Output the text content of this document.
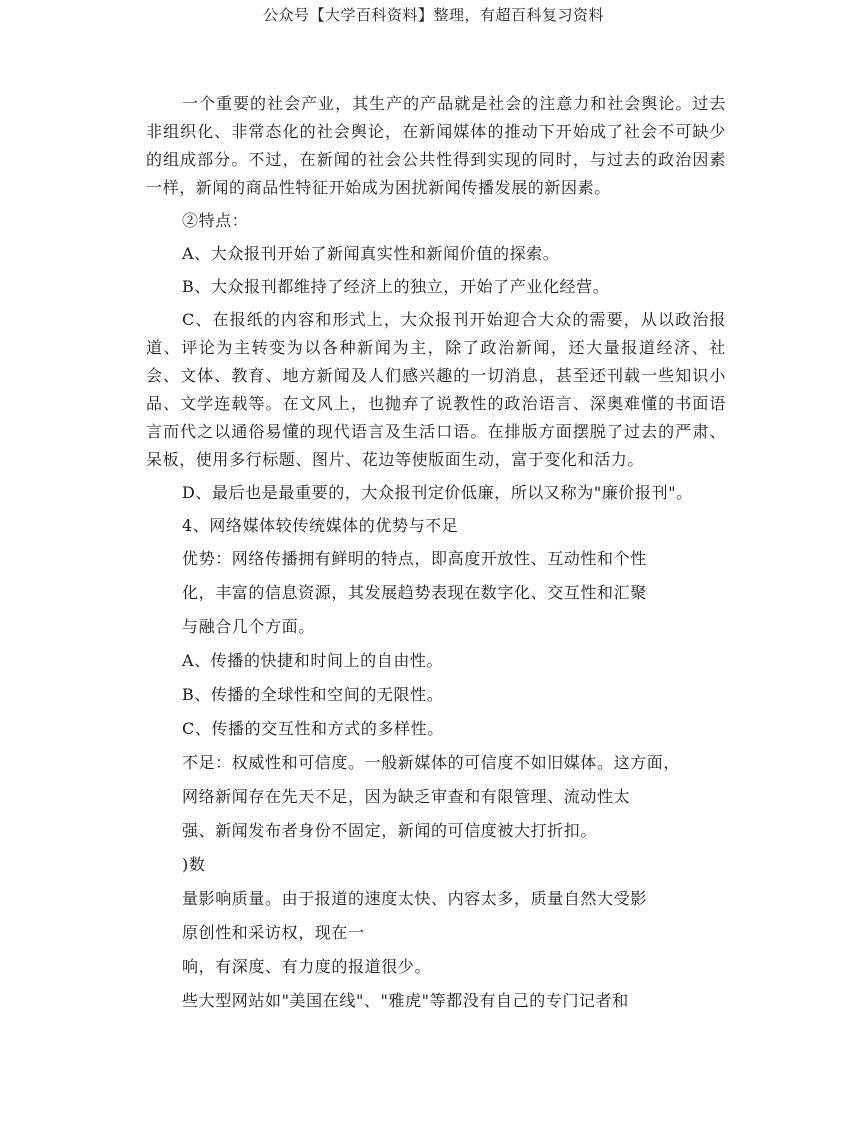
公众号【大学百科资料】整理，有超百科复习资料

一个重要的社会产业，其生产的产品就是社会的注意力和社会舆论。过去非组织化、非常态化的社会舆论，在新闻媒体的推动下开始成了社会不可缺少的组成部分。不过，在新闻的社会公共性得到实现的同时，与过去的政治因素一样，新闻的商品性特征开始成为困扰新闻传播发展的新因素。

②特点：

A、大众报刊开始了新闻真实性和新闻价值的探索。

B、大众报刊都维持了经济上的独立，开始了产业化经营。

C、在报纸的内容和形式上，大众报刊开始迎合大众的需要，从以政治报道、评论为主转变为以各种新闻为主，除了政治新闻，还大量报道经济、社会、文体、教育、地方新闻及人们感兴趣的一切消息，甚至还刊载一些知识小品、文学连载等。在文风上，也抛弃了说教性的政治语言、深奥难懂的书面语言而代之以通俗易懂的现代语言及生活口语。在排版方面摆脱了过去的严肃、呆板，使用多行标题、图片、花边等使版面生动，富于变化和活力。

D、最后也是最重要的，大众报刊定价低廉，所以又称为"廉价报刊"。

4、网络媒体较传统媒体的优势与不足

优势：网络传播拥有鲜明的特点，即高度开放性、互动性和个性

化，丰富的信息资源，其发展趋势表现在数字化、交互性和汇聚

与融合几个方面。

A、传播的快捷和时间上的自由性。

B、传播的全球性和空间的无限性。

C、传播的交互性和方式的多样性。

不足：权威性和可信度。一般新媒体的可信度不如旧媒体。这方面，

网络新闻存在先天不足，因为缺乏审查和有限管理、流动性太

强、新闻发布者身份不固定，新闻的可信度被大打折扣。

)数

量影响质量。由于报道的速度太快、内容太多，质量自然大受影

原创性和采访权，现在一

响，有深度、有力度的报道很少。

些大型网站如"美国在线"、"雅虎"等都没有自己的专门记者和
